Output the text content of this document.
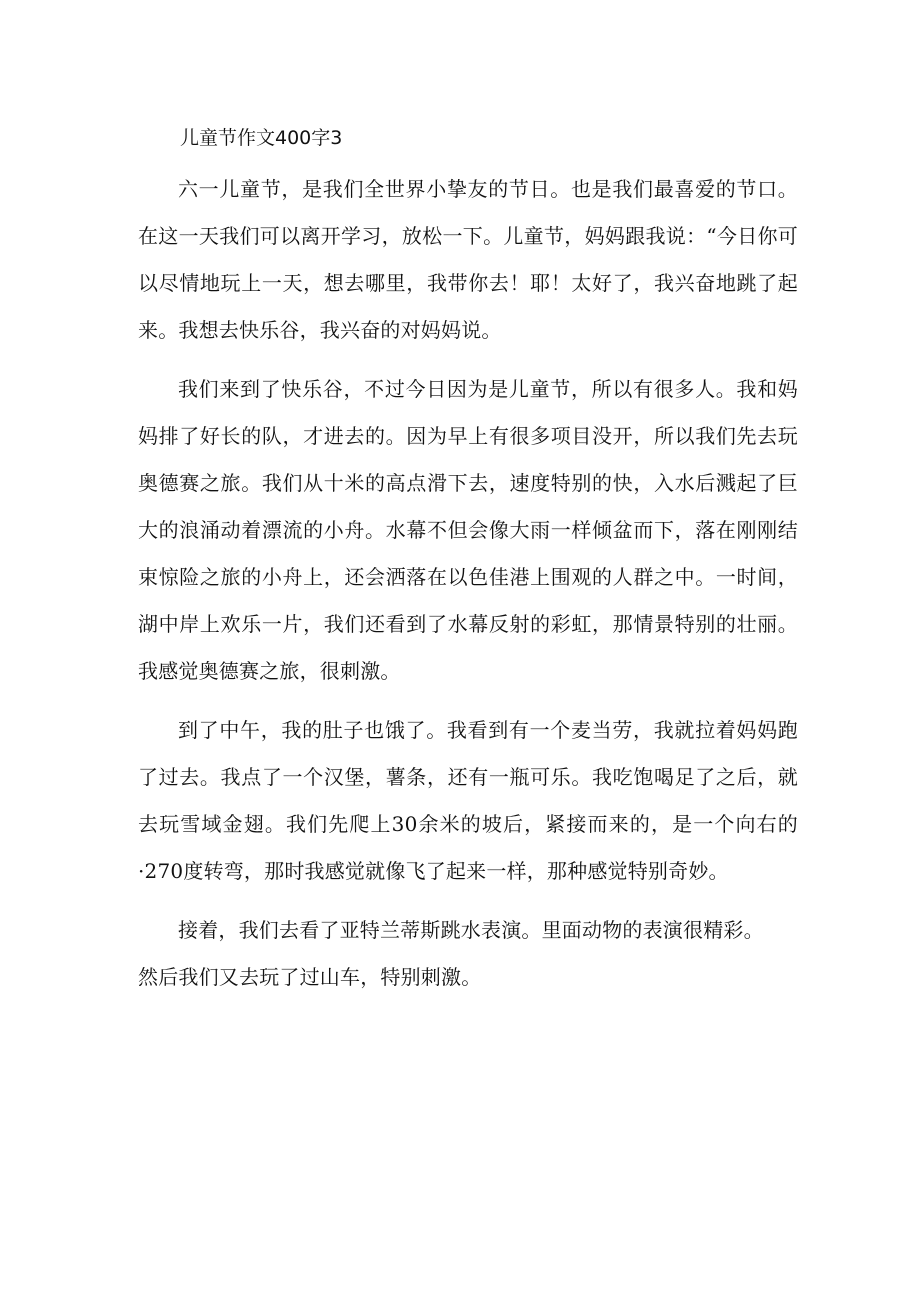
儿童节作文400字3

六一儿童节，是我们全世界小挚友的节日。也是我们最喜爱的节口。在这一天我们可以离开学习，放松一下。儿童节，妈妈跟我说：“今日你可以尽情地玩上一天，想去哪里，我带你去！耶！太好了，我兴奋地跳了起来。我想去快乐谷，我兴奋的对妈妈说。

我们来到了快乐谷，不过今日因为是儿童节，所以有很多人。我和妈妈排了好长的队，才进去的。因为早上有很多项目没开，所以我们先去玩奥德赛之旅。我们从十米的高点滑下去，速度特别的快，入水后溅起了巨大的浪涌动着漂流的小舟。水幕不但会像大雨一样倾盆而下，落在刚刚结束惊险之旅的小舟上，还会洒落在以色佳港上围观的人群之中。一时间，湖中岸上欢乐一片，我们还看到了水幕反射的彩虹，那情景特别的壮丽。我感觉奥德赛之旅，很刺激。

到了中午，我的肚子也饿了。我看到有一个麦当劳，我就拉着妈妈跑了过去。我点了一个汉堡，薯条，还有一瓶可乐。我吃饱喝足了之后，就去玩雪域金翅。我们先爬上30余米的坡后，紧接而来的，是一个向右的·270度转弯，那时我感觉就像飞了起来一样，那种感觉特别奇妙。

接着，我们去看了亚特兰蒂斯跳水表演。里面动物的表演很精彩。

然后我们又去玩了过山车，特别刺激。
